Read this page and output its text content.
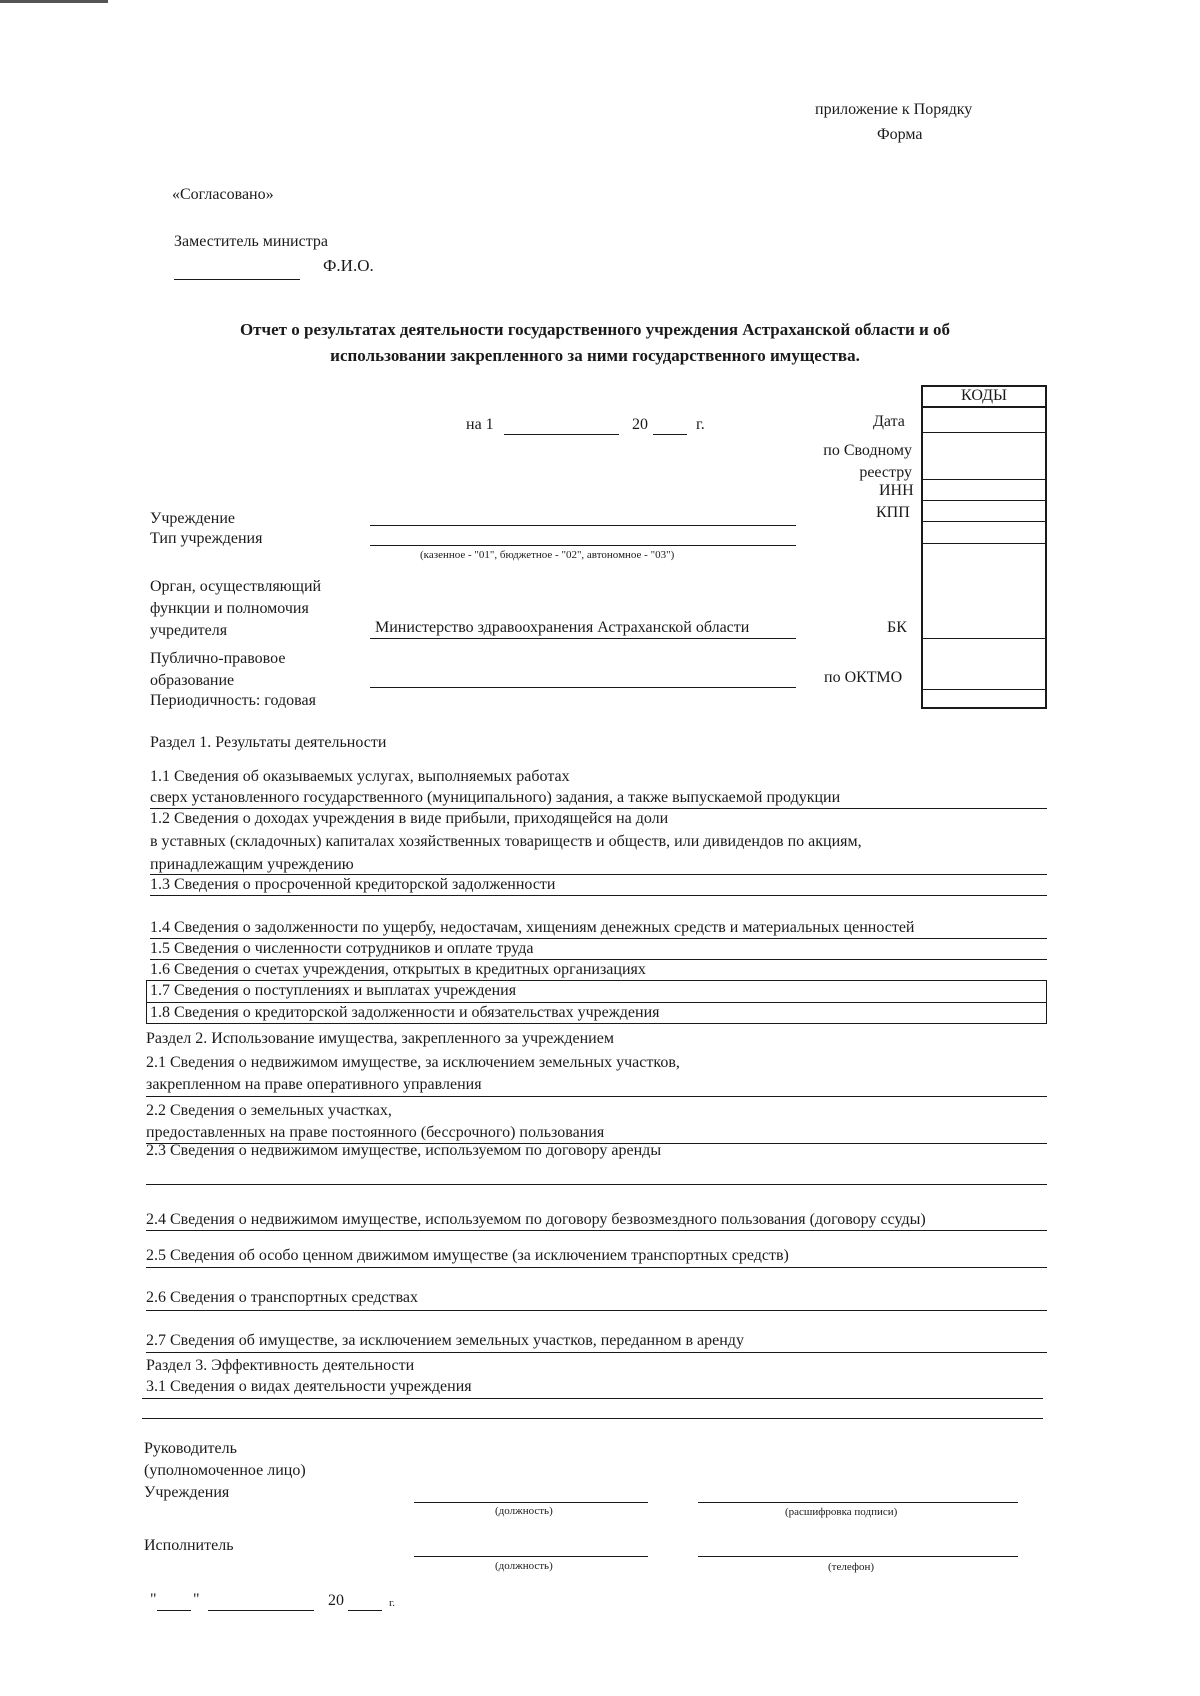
приложение к Порядку
Форма
«Согласовано»
Заместитель министра
Ф.И.О.
Отчет о результатах деятельности государственного учреждения Астраханской области и об использовании закрепленного за ними государственного имущества.
на 1	20	г.	Дата
по Сводному реестру
ИНН
КПП
БК
по ОКТМО
КОДЫ
Учреждение
Тип учреждения
(казенное - "01", бюджетное - "02", автономное - "03")
Орган, осуществляющий функции и полномочия учредителя	Министерство здравоохранения Астраханской области
Публично-правовое образование
Периодичность: годовая
Раздел 1. Результаты деятельности
1.1 Сведения об оказываемых услугах, выполняемых работах
сверх установленного государственного (муниципального) задания, а также выпускаемой продукции
1.2 Сведения о доходах учреждения в виде прибыли, приходящейся на доли
в уставных (складочных) капиталах хозяйственных товариществ и обществ, или дивидендов по акциям,
принадлежащим учреждению
1.3 Сведения о просроченной кредиторской задолженности
1.4 Сведения о задолженности по ущербу, недостачам, хищениям денежных средств и материальных ценностей
1.5 Сведения о численности сотрудников и оплате труда
1.6 Сведения о счетах учреждения, открытых в кредитных организациях
1.7 Сведения о поступлениях и выплатах учреждения
1.8 Сведения о кредиторской задолженности и обязательствах учреждения
Раздел 2. Использование имущества, закрепленного за учреждением
2.1 Сведения о недвижимом имуществе, за исключением земельных участков,
закрепленном на праве оперативного управления
2.2 Сведения о земельных участках,
предоставленных на праве постоянного (бессрочного) пользования
2.3 Сведения о недвижимом имуществе, используемом по договору аренды
2.4 Сведения о недвижимом имуществе, используемом по договору безвозмездного пользования (договору ссуды)
2.5 Сведения об особо ценном движимом имуществе (за исключением транспортных средств)
2.6 Сведения о транспортных средствах
2.7 Сведения об имуществе, за исключением земельных участков, переданном в аренду
Раздел 3. Эффективность деятельности
3.1 Сведения о видах деятельности учреждения
Руководитель
(уполномоченное лицо)
Учреждения
(должность)	(расшифровка подписи)
Исполнитель
(должность)	(телефон)
" "	20	г.
